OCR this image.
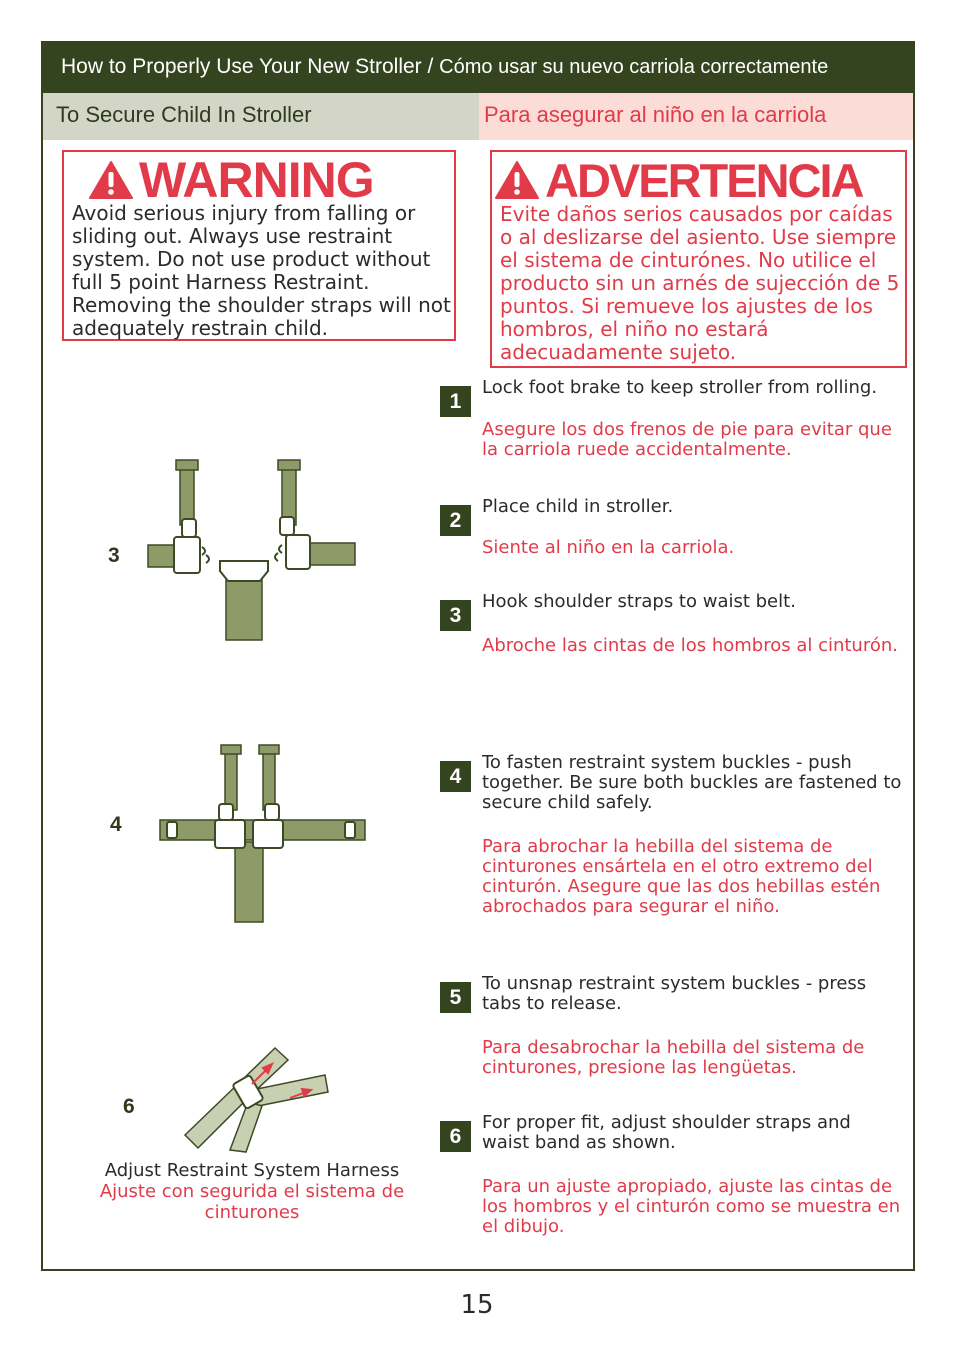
How to Properly Use Your New Stroller / Cómo usar su nuevo carriola correctamente
To Secure Child In Stroller	Para asegurar al niño en la carriola
WARNING
Avoid serious injury from falling or sliding out. Always use restraint system. Do not use product without full 5 point Harness Restraint. Removing the shoulder straps will not adequately restrain child.
ADVERTENCIA
Evite daños serios causados por caídas o al deslizarse del asiento. Use siempre el sistema de cinturónes. No utilice el producto sin un arnés de sujección de 5 puntos. Si remueve los ajustes de los hombros, el niño no estará adecuadamente sujeto.
1
Lock foot brake to keep stroller from rolling.
Asegure los dos frenos de pie para evitar que la carriola ruede accidentalmente.
2
Place child in stroller.
Siente al niño en la carriola.
3
Hook shoulder straps to waist belt.
Abroche las cintas de los hombros al cinturón.
4
To fasten restraint system buckles - push together. Be sure both buckles are fastened to secure child safely.
Para abrochar la hebilla del sistema de cinturones ensártela en el otro extremo del cinturón. Asegure que las dos hebillas estén abrochados para segurar el niño.
5
To unsnap restraint system buckles - press tabs to release.
Para desabrochar la hebilla del sistema de cinturones, presione las lengüetas.
6
For proper fit, adjust shoulder straps and waist band as shown.
Para un ajuste apropiado, ajuste las cintas de los hombros y el cinturón como se muestra en el dibujo.
3
4
6
Adjust Restraint System Harness
Ajuste con segurida el sistema de cinturones
15
